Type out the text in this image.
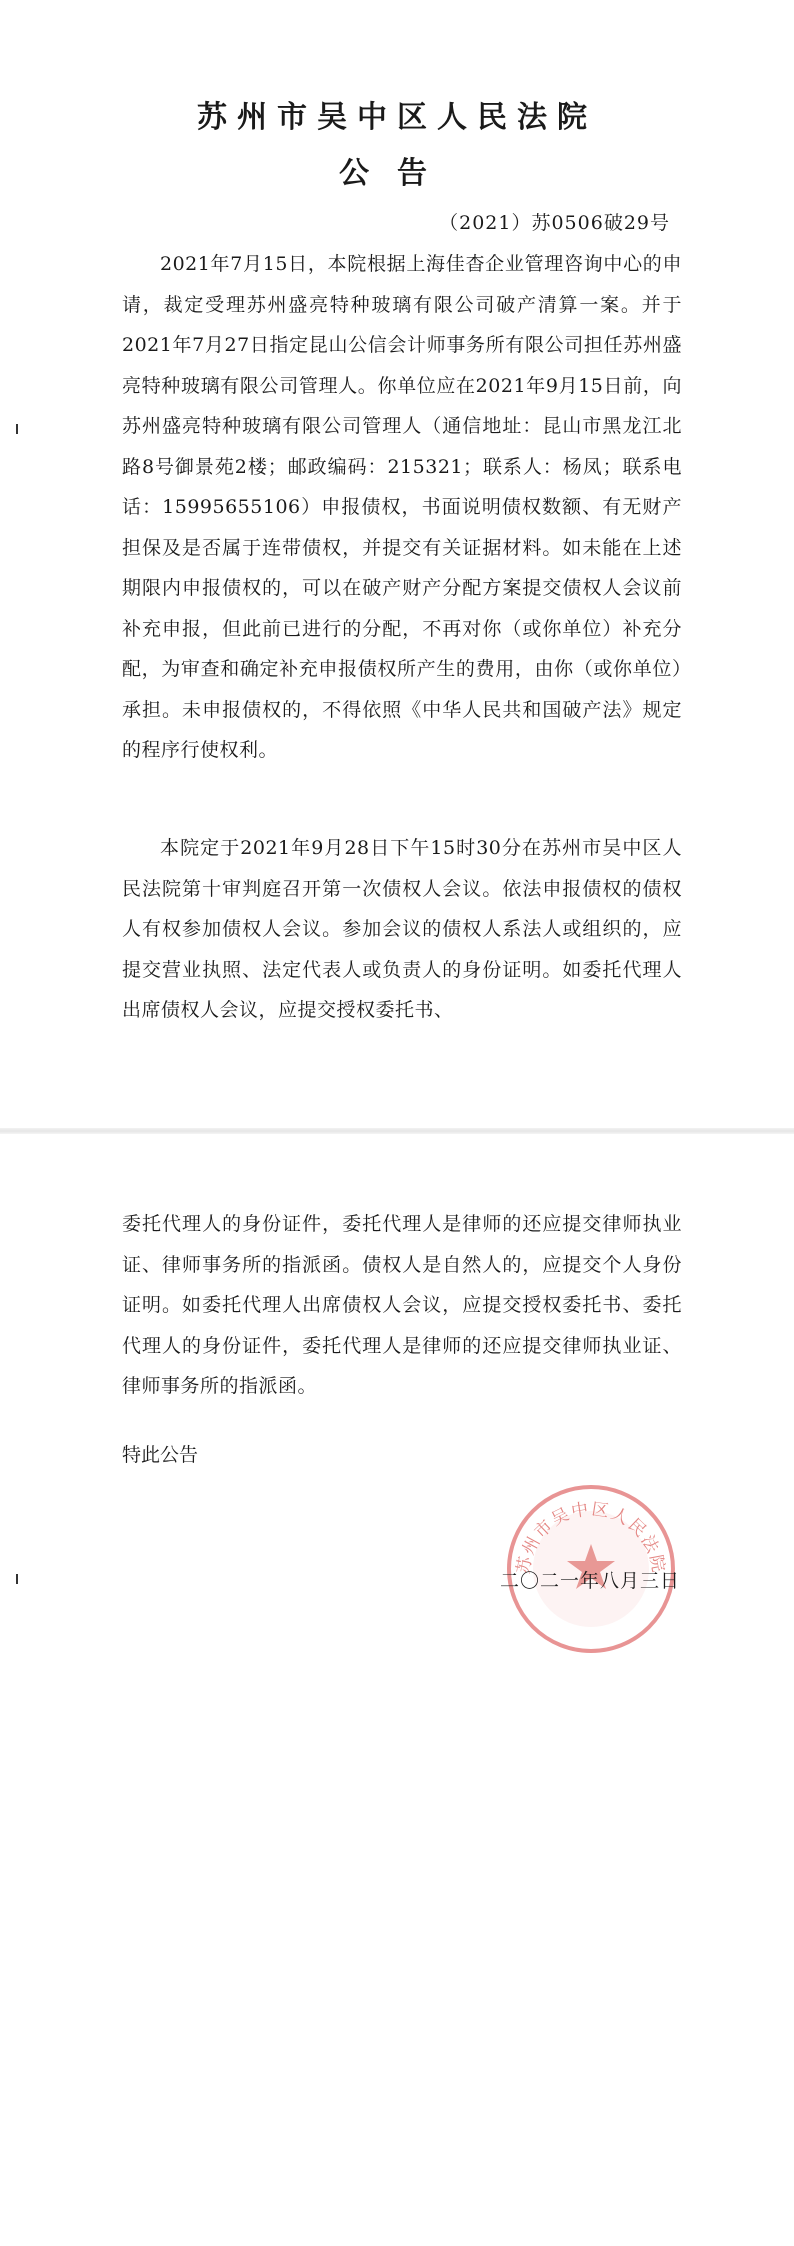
苏州市吴中区人民法院
公告
（2021）苏0506破29号

2021年7月15日，本院根据上海佳杳企业管理咨询中心的申请，裁定受理苏州盛亮特种玻璃有限公司破产清算一案。并于2021年7月27日指定昆山公信会计师事务所有限公司担任苏州盛亮特种玻璃有限公司管理人。你单位应在2021年9月15日前，向苏州盛亮特种玻璃有限公司管理人（通信地址：昆山市黑龙江北路8号御景苑2楼；邮政编码：215321；联系人：杨凤；联系电话：15995655106）申报债权，书面说明债权数额、有无财产担保及是否属于连带债权，并提交有关证据材料。如未能在上述期限内申报债权的，可以在破产财产分配方案提交债权人会议前补充申报，但此前已进行的分配，不再对你（或你单位）补充分配，为审查和确定补充申报债权所产生的费用，由你（或你单位）承担。未申报债权的，不得依照《中华人民共和国破产法》规定的程序行使权利。

本院定于2021年9月28日下午15时30分在苏州市吴中区人民法院第十审判庭召开第一次债权人会议。依法申报债权的债权人有权参加债权人会议。参加会议的债权人系法人或组织的，应提交营业执照、法定代表人或负责人的身份证明。如委托代理人出席债权人会议，应提交授权委托书、

委托代理人的身份证件，委托代理人是律师的还应提交律师执业证、律师事务所的指派函。债权人是自然人的，应提交个人身份证明。如委托代理人出席债权人会议，应提交授权委托书、委托代理人的身份证件，委托代理人是律师的还应提交律师执业证、律师事务所的指派函。

特此公告
苏州市吴中区人民法院
二〇二一年八月三日
